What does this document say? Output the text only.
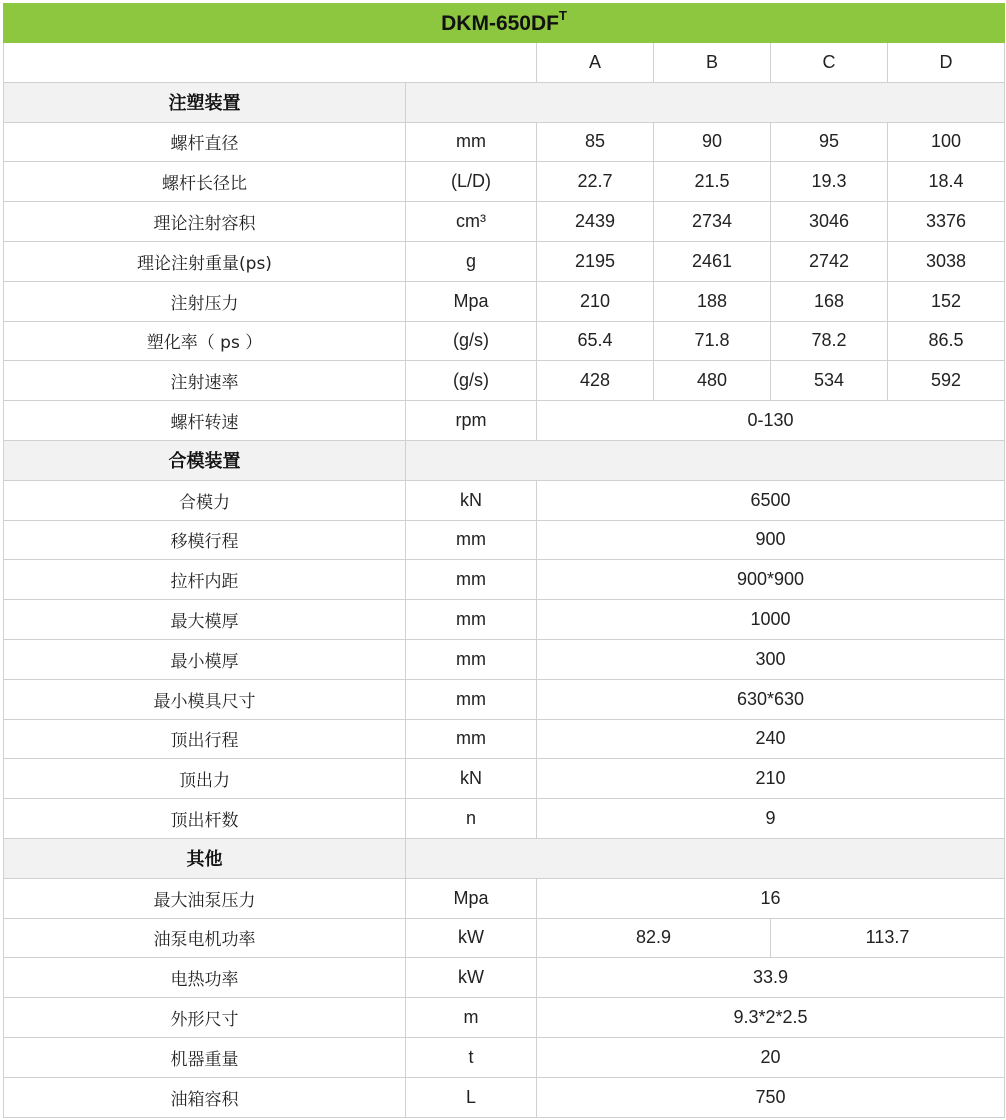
DKM-$650DF^T$
		A	B	C	D
注塑装置					
螺杆直径	mm	85	90	95	100
螺杆长径比	(L/D)	22.7	21.5	19.3	18.4
理论注射容积	cm³	2439	2734	3046	3376
理论注射重量(ps)	g	2195	2461	2742	3038
注射压力	Mpa	210	188	168	152
塑化率（ ps ）	(g/s)	65.4	71.8	78.2	86.5
注射速率	(g/s)	428	480	534	592
螺杆转速	rpm	0-130			
合模装置					
合模力	kN	6500			
移模行程	mm	900			
拉杆内距	mm	900*900			
最大模厚	mm	1000			
最小模厚	mm	300			
最小模具尺寸	mm	630*630			
顶出行程	mm	240			
顶出力	kN	210			
顶出杆数	n	9			
其他					
最大油泵压力	Mpa	16			
油泵电机功率	kW	82.9		113.7	
电热功率	kW	33.9			
外形尺寸	m	9.3*2*2.5			
机器重量	t	20			
油箱容积	L	750			
